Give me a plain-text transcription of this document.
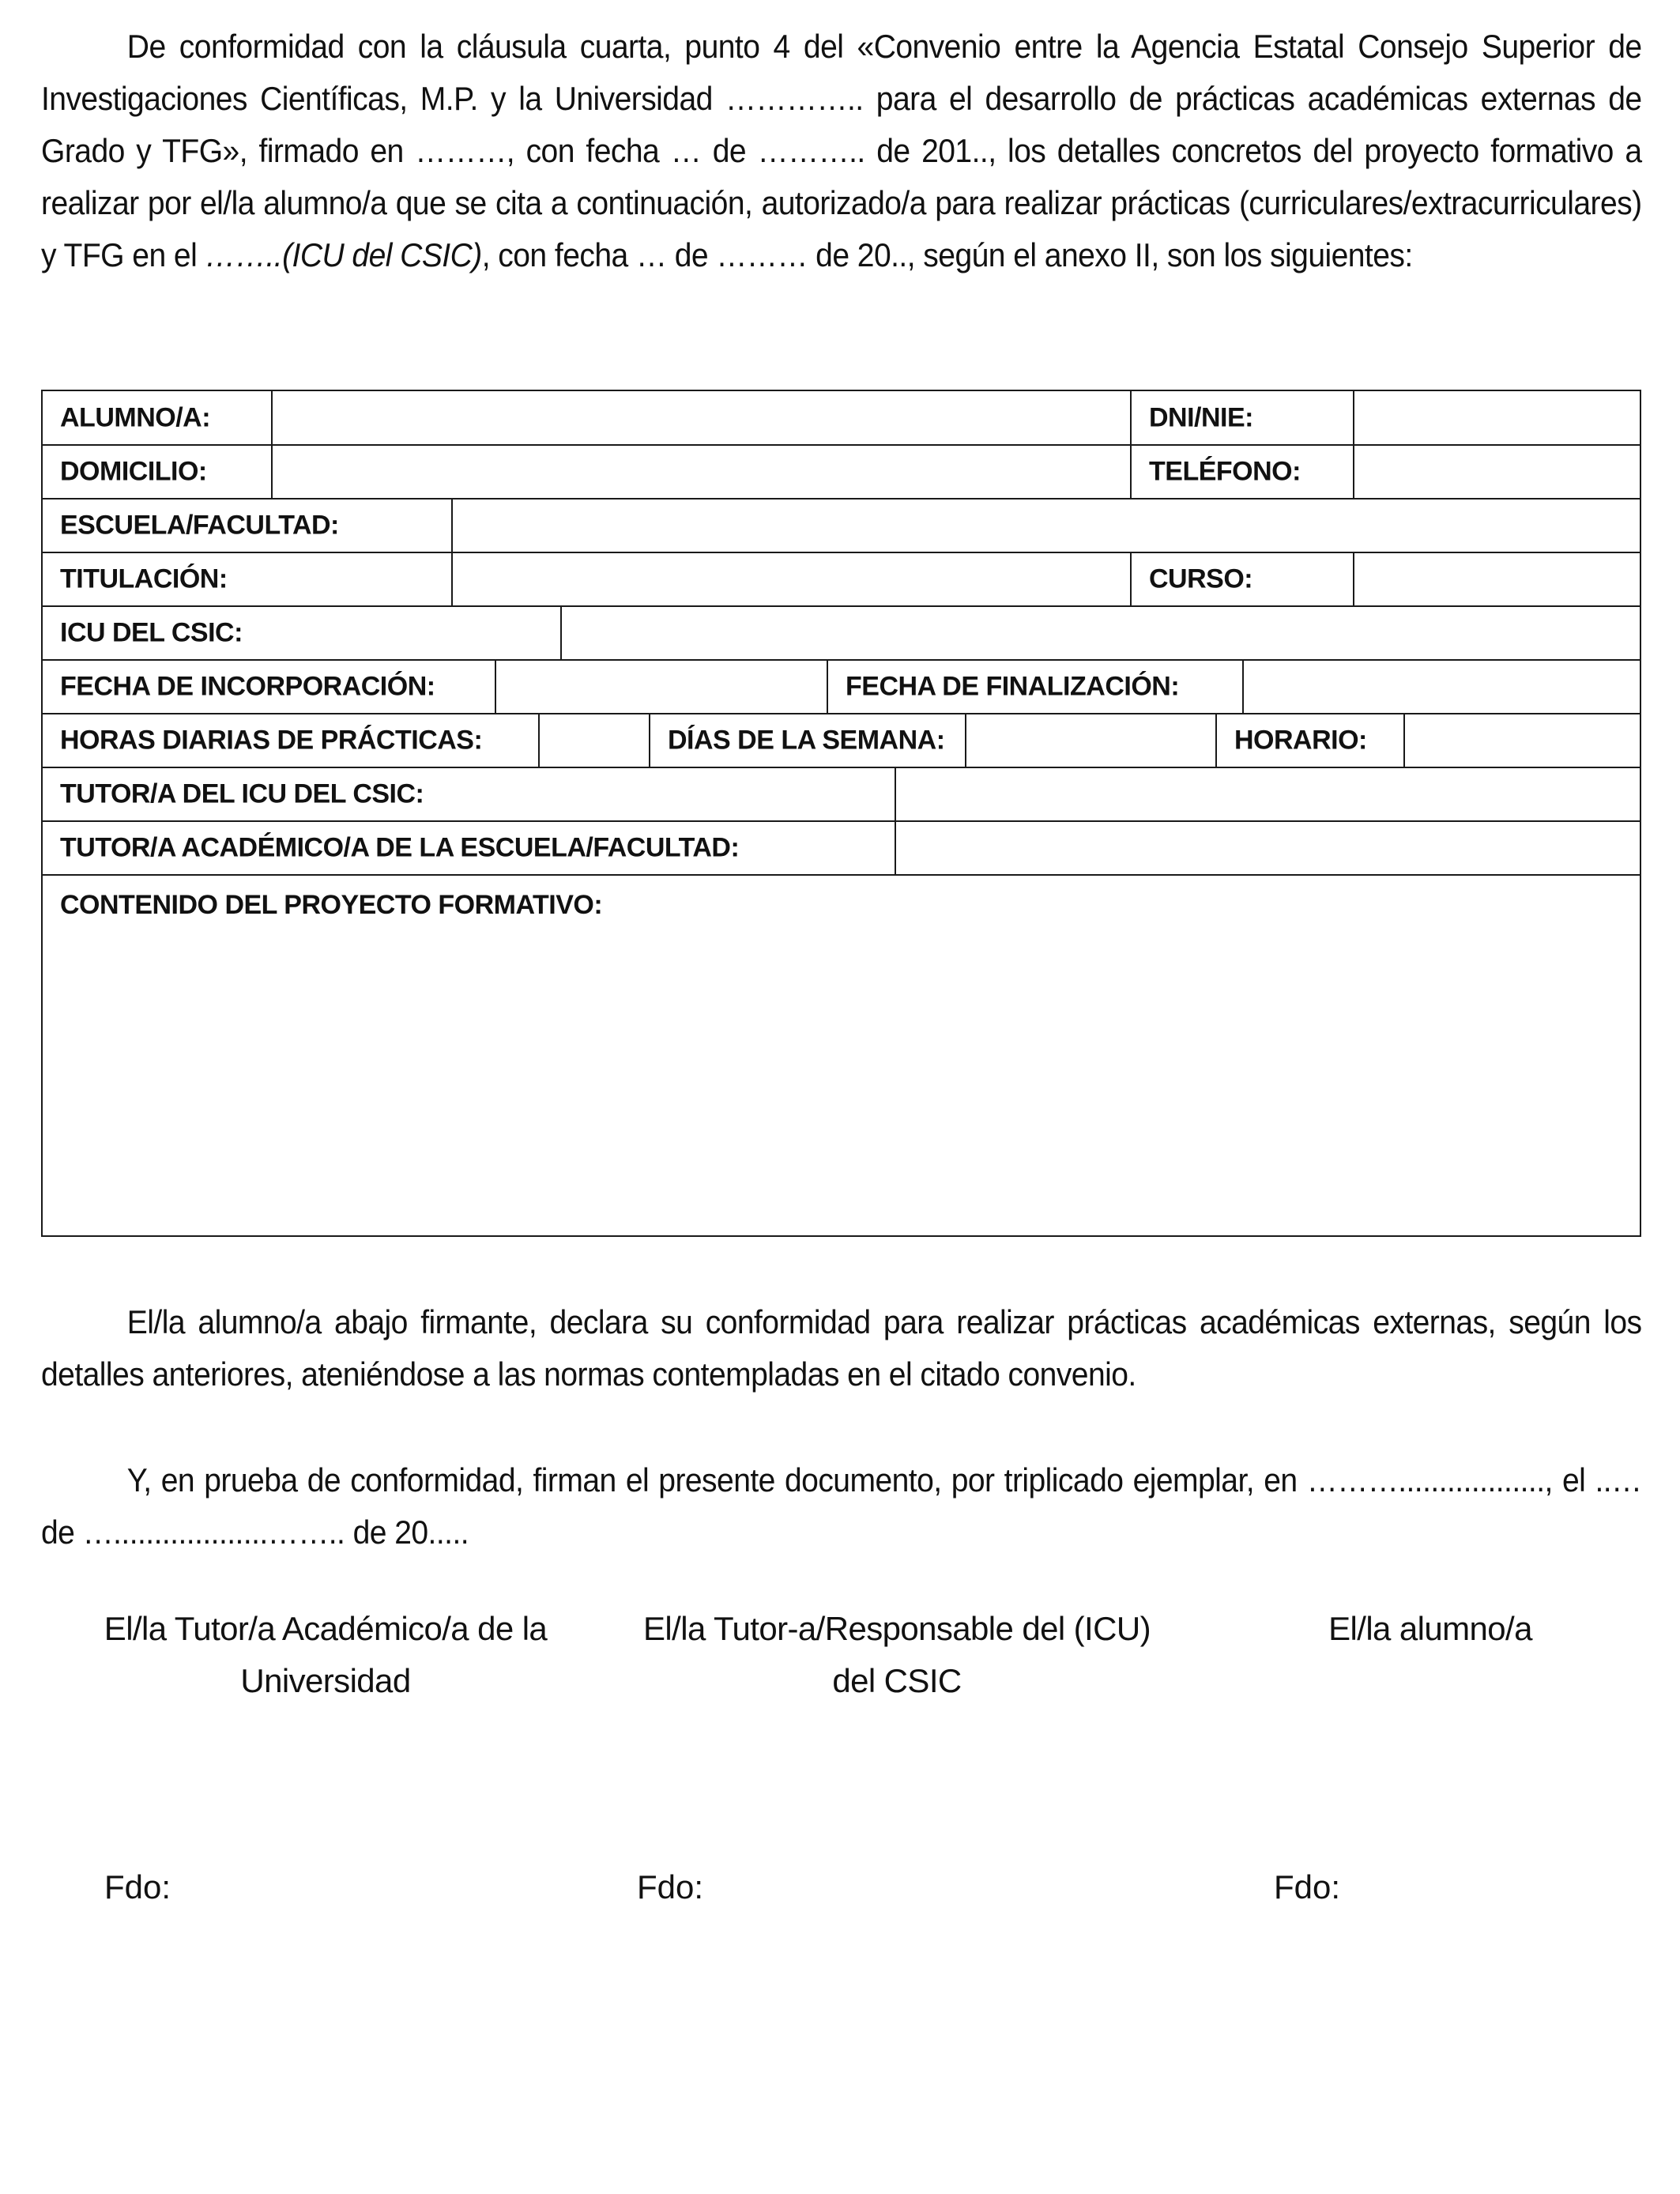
De conformidad con la cláusula cuarta, punto 4 del «Convenio entre la Agencia Estatal Consejo Superior de Investigaciones Científicas, M.P. y la Universidad ………….. para el desarrollo de prácticas académicas externas de Grado y TFG», firmado en ………, con fecha … de ……….. de 201.., los detalles concretos del proyecto formativo a realizar por el/la alumno/a que se cita a continuación, autorizado/a para realizar prácticas (curriculares/extracurriculares) y TFG en el ……..(ICU del CSIC), con fecha … de ……… de 20.., según el anexo II, son los siguientes:
ALUMNO/A:	DNI/NIE:
DOMICILIO:	TELÉFONO:
ESCUELA/FACULTAD:
TITULACIÓN:	CURSO:
ICU DEL CSIC:
FECHA DE INCORPORACIÓN:	FECHA DE FINALIZACIÓN:
HORAS DIARIAS DE PRÁCTICAS:	DÍAS DE LA SEMANA:	HORARIO:
TUTOR/A DEL ICU DEL CSIC:
TUTOR/A ACADÉMICO/A DE LA ESCUELA/FACULTAD:
CONTENIDO DEL PROYECTO FORMATIVO:
El/la alumno/a abajo firmante, declara su conformidad para realizar prácticas académicas externas, según los detalles anteriores, ateniéndose a las normas contempladas en el citado convenio.
Y, en prueba de conformidad, firman el presente documento, por triplicado ejemplar, en ……….................., el ..… de …...................…….. de 20.....
El/la Tutor/a Académico/a de la
Universidad
El/la Tutor-a/Responsable del (ICU)
del CSIC
El/la alumno/a
Fdo:	Fdo:	Fdo:
